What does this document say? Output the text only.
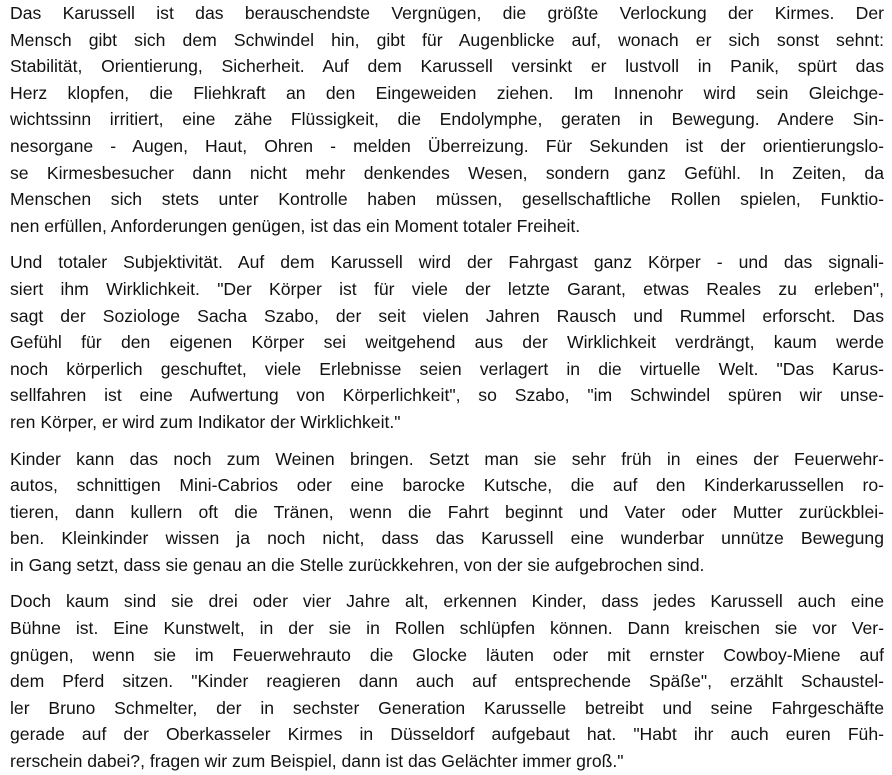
Das Karussell ist das berauschendste Vergnügen, die größte Verlockung der Kirmes. Der
Mensch gibt sich dem Schwindel hin, gibt für Augenblicke auf, wonach er sich sonst sehnt:
Stabilität, Orientierung, Sicherheit. Auf dem Karussell versinkt er lustvoll in Panik, spürt das
Herz klopfen, die Fliehkraft an den Eingeweiden ziehen. Im Innenohr wird sein Gleichge-
wichtssinn irritiert, eine zähe Flüssigkeit, die Endolymphe, geraten in Bewegung. Andere Sin-
nesorgane - Augen, Haut, Ohren - melden Überreizung. Für Sekunden ist der orientierungslo-
se Kirmesbesucher dann nicht mehr denkendes Wesen, sondern ganz Gefühl. In Zeiten, da
Menschen sich stets unter Kontrolle haben müssen, gesellschaftliche Rollen spielen, Funktio-
nen erfüllen, Anforderungen genügen, ist das ein Moment totaler Freiheit.
Und totaler Subjektivität. Auf dem Karussell wird der Fahrgast ganz Körper - und das signali-
siert ihm Wirklichkeit. "Der Körper ist für viele der letzte Garant, etwas Reales zu erleben",
sagt der Soziologe Sacha Szabo, der seit vielen Jahren Rausch und Rummel erforscht. Das
Gefühl für den eigenen Körper sei weitgehend aus der Wirklichkeit verdrängt, kaum werde
noch körperlich geschuftet, viele Erlebnisse seien verlagert in die virtuelle Welt. "Das Karus-
sellfahren ist eine Aufwertung von Körperlichkeit", so Szabo, "im Schwindel spüren wir unse-
ren Körper, er wird zum Indikator der Wirklichkeit."
Kinder kann das noch zum Weinen bringen. Setzt man sie sehr früh in eines der Feuerwehr-
autos, schnittigen Mini-Cabrios oder eine barocke Kutsche, die auf den Kinderkarussellen ro-
tieren, dann kullern oft die Tränen, wenn die Fahrt beginnt und Vater oder Mutter zurückblei-
ben. Kleinkinder wissen ja noch nicht, dass das Karussell eine wunderbar unnütze Bewegung
in Gang setzt, dass sie genau an die Stelle zurückkehren, von der sie aufgebrochen sind.
Doch kaum sind sie drei oder vier Jahre alt, erkennen Kinder, dass jedes Karussell auch eine
Bühne ist. Eine Kunstwelt, in der sie in Rollen schlüpfen können. Dann kreischen sie vor Ver-
gnügen, wenn sie im Feuerwehrauto die Glocke läuten oder mit ernster Cowboy-Miene auf
dem Pferd sitzen. "Kinder reagieren dann auch auf entsprechende Späße", erzählt Schaustel-
ler Bruno Schmelter, der in sechster Generation Karusselle betreibt und seine Fahrgeschäfte
gerade auf der Oberkasseler Kirmes in Düsseldorf aufgebaut hat. "Habt ihr auch euren Füh-
rerschein dabei?, fragen wir zum Beispiel, dann ist das Gelächter immer groß."
